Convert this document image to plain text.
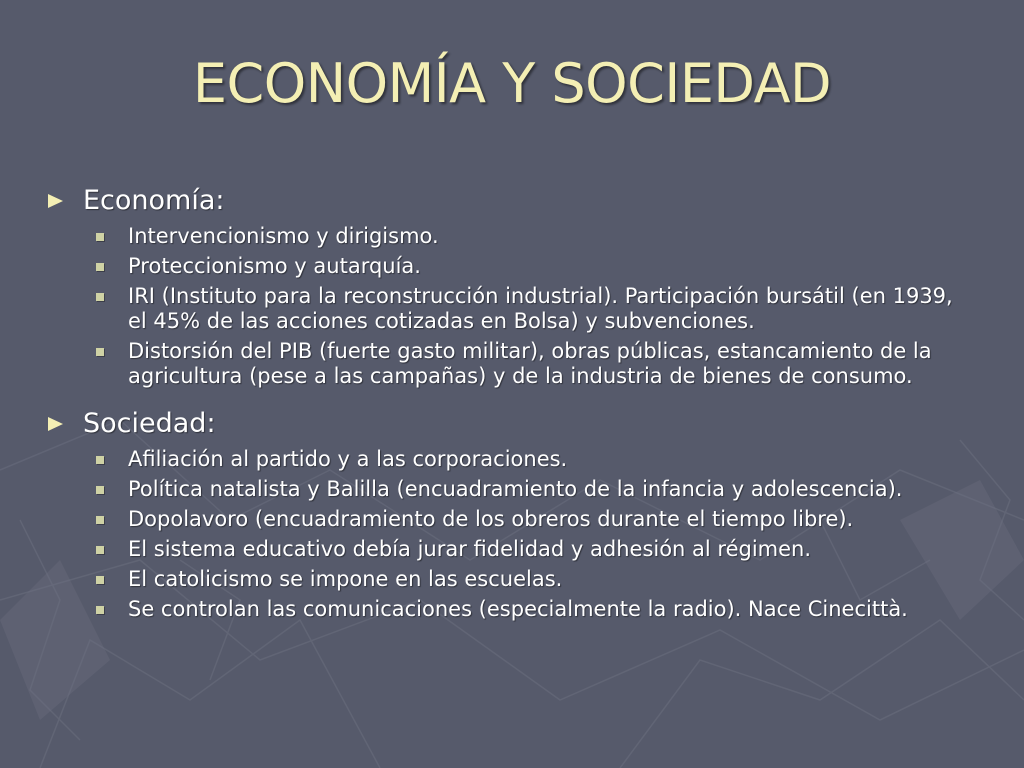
ECONOMÍA Y SOCIEDAD
Economía:
Intervencionismo y dirigismo.
Proteccionismo y autarquía.
IRI (Instituto para la reconstrucción industrial). Participación bursátil (en 1939, el 45% de las acciones cotizadas en Bolsa) y subvenciones.
Distorsión del PIB (fuerte gasto militar), obras públicas, estancamiento de la agricultura (pese a las campañas) y de la industria de bienes de consumo.
Sociedad:
Afiliación al partido y a las corporaciones.
Política natalista y Balilla (encuadramiento de la infancia y adolescencia).
Dopolavoro (encuadramiento de los obreros durante el tiempo libre).
El sistema educativo debía jurar fidelidad y adhesión al régimen.
El catolicismo se impone en las escuelas.
Se controlan las comunicaciones (especialmente la radio). Nace Cinecittà.
